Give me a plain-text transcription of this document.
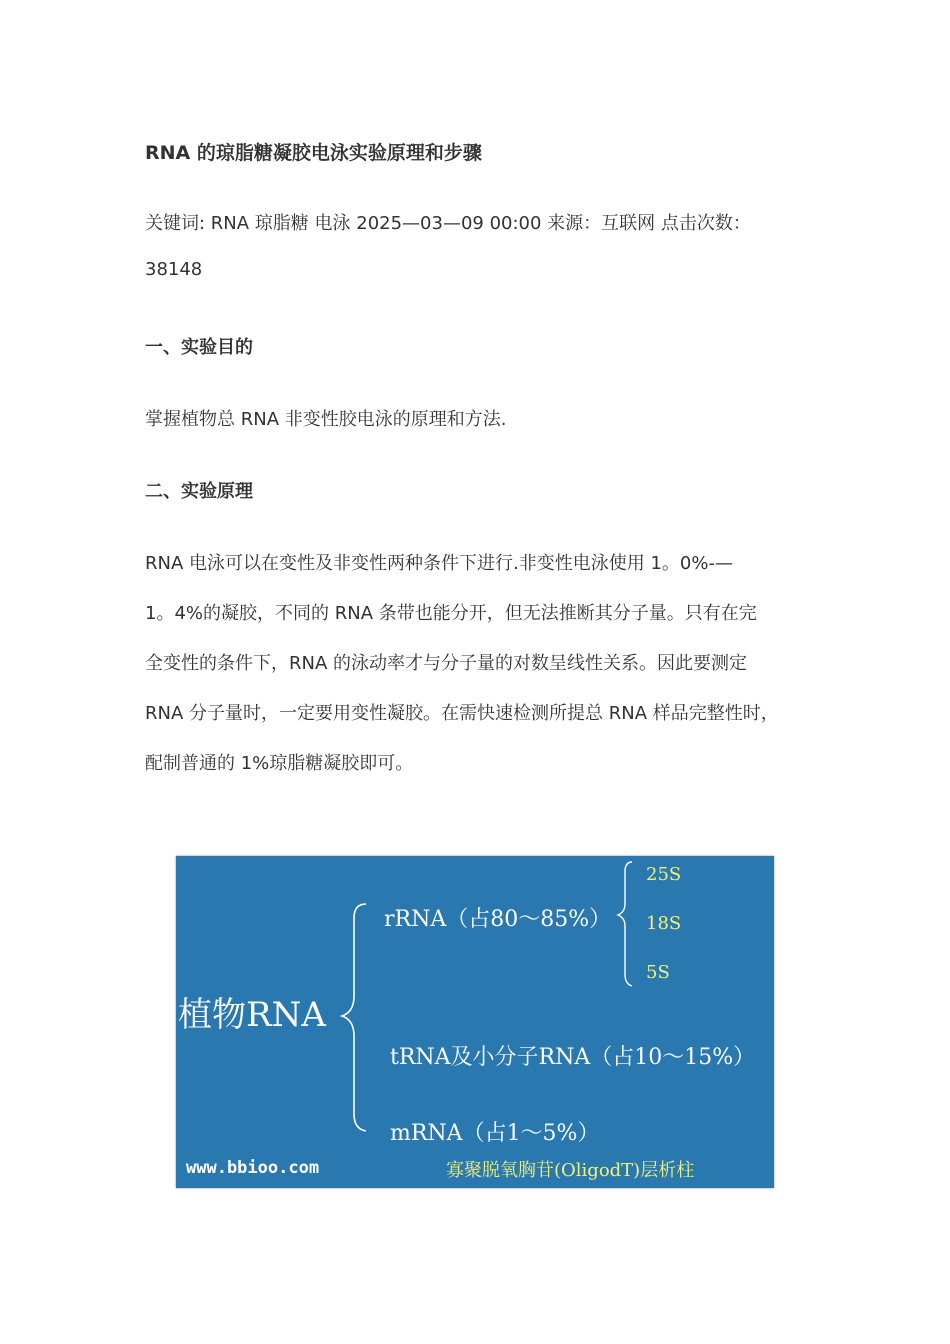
RNA 的琼脂糖凝胶电泳实验原理和步骤
关键词: RNA 琼脂糖 电泳 2025—03—09 00:00 来源：互联网 点击次数：
38148
一、实验目的
掌握植物总 RNA 非变性胶电泳的原理和方法.
二、实验原理
RNA 电泳可以在变性及非变性两种条件下进行.非变性电泳使用 1。0%-—
1。4%的凝胶，不同的 RNA 条带也能分开，但无法推断其分子量。只有在完
全变性的条件下，RNA 的泳动率才与分子量的对数呈线性关系。因此要测定
RNA 分子量时，一定要用变性凝胶。在需快速检测所提总 RNA 样品完整性时，
配制普通的 1%琼脂糖凝胶即可。
植物RNA
rRNA（占80～85%）
25S
18S
5S
tRNA及小分子RNA（占10～15%）
mRNA（占1～5%）
www.bbioo.com	寡聚脱氧胸苷(OligodT)层析柱
